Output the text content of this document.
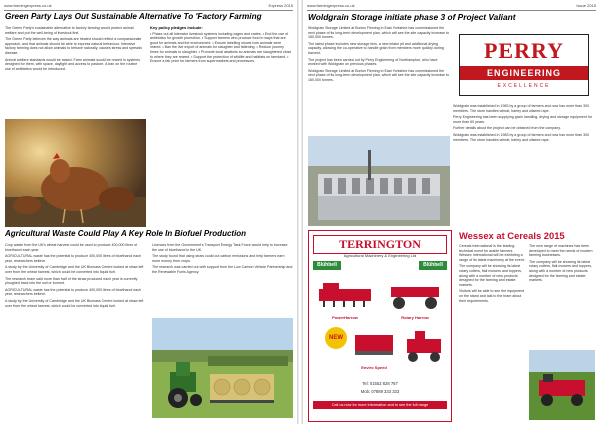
www.farmingexpress.co.uk	Express 2015
Green Party Lays Out Sustainable Alternative To 'Factory Farming

The Green Party's sustainable alternative to factory farming would protect animal welfare and put the well-being of livestock first.

The Green Party believes the way animals are treated should reflect a compassionate approach, and that animals should be able to express natural behaviour. Intensive factory farming does not allow animals to behave naturally, causes stress and spreads disease.

Animal welfare standards would be raised. Farm animals would be reared in systems designed for them, with space, daylight and access to pasture. A ban on the routine use of antibiotics would be introduced.

Key policy pledges include:

• Phase out all intensive livestock systems including cages and crates. • End the use of antibiotics for growth promotion. • Support farmers who produce food in ways that are good for animals and the environment. • Ensure labelling shows how animals were reared. • Ban the live export of animals for slaughter and fattening. • Reduce journey times for animals to slaughter. • Promote local abattoirs so animals are slaughtered close to where they are reared. • Support the protection of wildlife and habitats on farmland. • Ensure a fair price for farmers from supermarkets and processors.

Agricultural Waste Could Play A Key Role In Biofuel Production

Crop waste from the UK's wheat harvest could be used to produce 400,000 litres of bioethanol each year.

AGRICULTURAL waste has the potential to produce 400,000 litres of bioethanol each year, researchers believe.

A study by the University of Cambridge and the UK Biomass Centre looked at straw left over from the wheat harvest, which could be converted into liquid fuel.

The research team said more than half of the straw produced each year is currently ploughed back into the soil or burned.

AGRICULTURAL waste has the potential to produce 400,000 litres of bioethanol each year, researchers believe.

A study by the University of Cambridge and the UK Biomass Centre looked at straw left over from the wheat harvest, which could be converted into liquid fuel.

Licences from the Government's Transport Energy Task Force would help to increase the use of bioethanol in the UK.

The study found that using straw could cut carbon emissions and help farmers earn more money from crops.

The research was carried out with support from the Low Carbon Vehicle Partnership and the Renewable Fuels Agency.

www.farmingexpress.co.uk	Issue 2015
Woldgrain Storage initiate phase 3 of Project Valiant

Woldgrain Storage Limited at Burton Fleming in East Yorkshire has commissioned the next phase of its long-term development plan, which will see the site capacity increase to 160,000 tonnes.

The latest phase includes new storage bins, a new intake pit and additional drying capacity, allowing the co-operative to handle grain from members more quickly during harvest.

The project has been carried out by Perry Engineering of Northampton, who have worked with Woldgrain on previous phases.

Woldgrain Storage Limited at Burton Fleming in East Yorkshire has commissioned the next phase of its long-term development plan, which will see the site capacity increase to 160,000 tonnes.

PERRY
ENGINEERING
EXCELLENCE

Woldgrain was established in 1983 by a group of farmers and now has more than 300 members. The store handles wheat, barley and oilseed rape.

Perry Engineering has been supplying grain handling, drying and storage equipment for more than 60 years.

Further details about the project can be obtained from the company.

Woldgrain was established in 1983 by a group of farmers and now has more than 300 members. The store handles wheat, barley and oilseed rape.

TERRINGTON
Agricultural Machinery & Engineering Ltd
Blühbell	Blühbell
PowerHarrow	Rotary Harrow
NEW
Enviro Speed
Tel: 01553 828 787
Mob: 07889 333 333
Call us now for more information and to see the full range
Wessex at Cereals 2015

Cereals International is the leading technical event for arable farmers. Wessex International will be exhibiting a range of its latest machinery at the event.

The company will be showing its latest rotary cutters, flail mowers and toppers, along with a number of new products designed for the farming and estate markets.

Visitors will be able to see the equipment on the stand and talk to the team about their requirements.

The new range of machines has been developed to meet the needs of modern farming businesses.

The company will be showing its latest rotary cutters, flail mowers and toppers, along with a number of new products designed for the farming and estate markets.
